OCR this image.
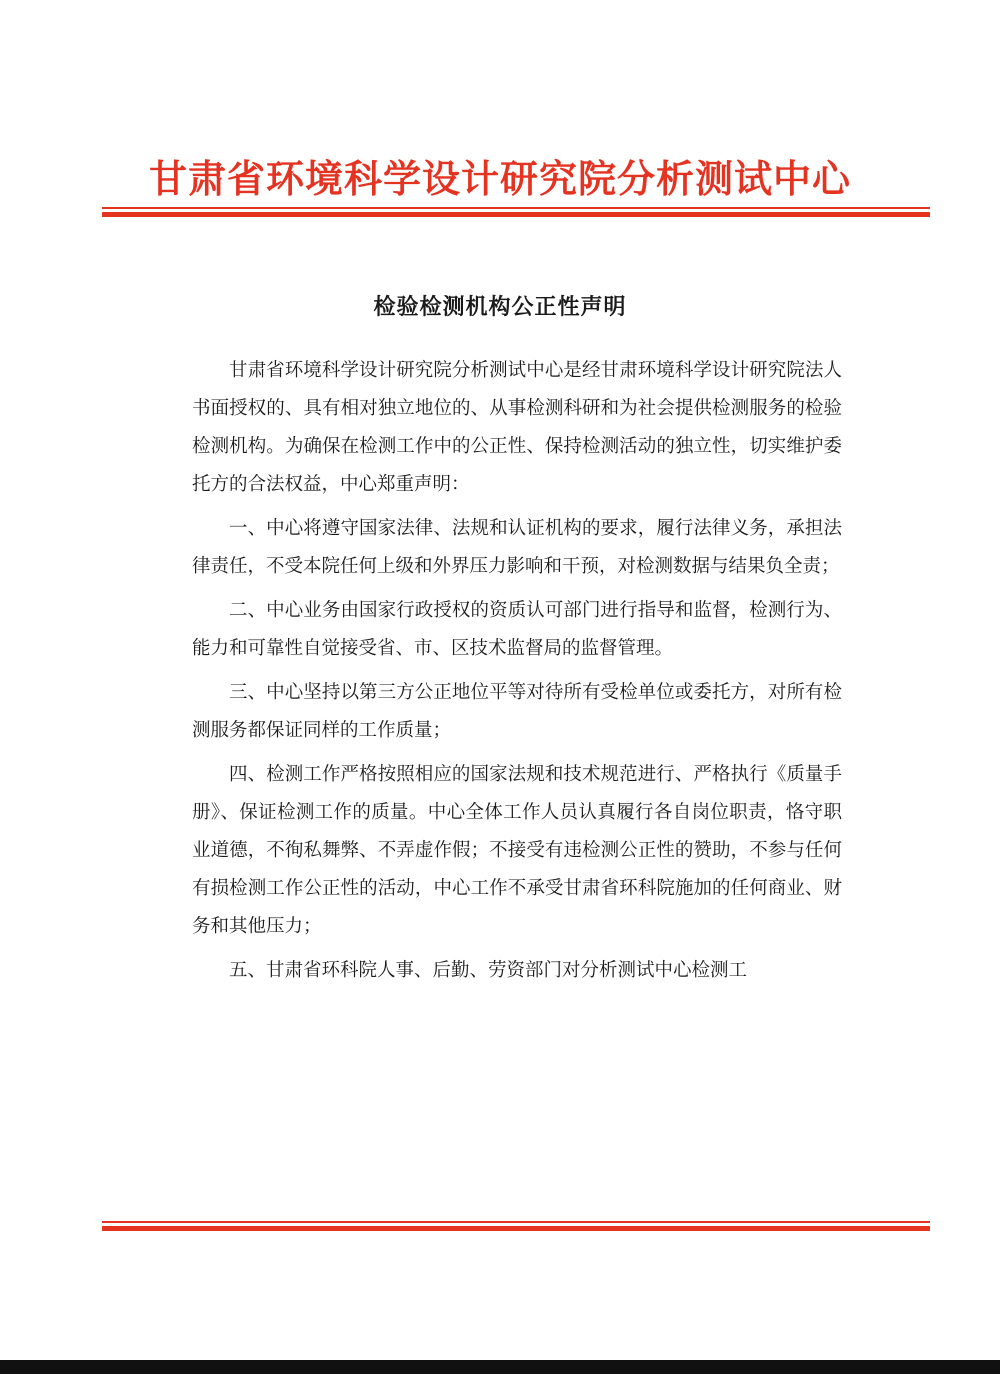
甘肃省环境科学设计研究院分析测试中心
检验检测机构公正性声明

甘肃省环境科学设计研究院分析测试中心是经甘肃环境科学设计研究院法人书面授权的、具有相对独立地位的、从事检测科研和为社会提供检测服务的检验检测机构。为确保在检测工作中的公正性、保持检测活动的独立性，切实维护委托方的合法权益，中心郑重声明：

一、中心将遵守国家法律、法规和认证机构的要求，履行法律义务，承担法律责任，不受本院任何上级和外界压力影响和干预，对检测数据与结果负全责；

二、中心业务由国家行政授权的资质认可部门进行指导和监督，检测行为、能力和可靠性自觉接受省、市、区技术监督局的监督管理。

三、中心坚持以第三方公正地位平等对待所有受检单位或委托方，对所有检测服务都保证同样的工作质量；

四、检测工作严格按照相应的国家法规和技术规范进行、严格执行《质量手册》、保证检测工作的质量。中心全体工作人员认真履行各自岗位职责，恪守职业道德，不徇私舞弊、不弄虚作假；不接受有违检测公正性的赞助，不参与任何有损检测工作公正性的活动，中心工作不承受甘肃省环科院施加的任何商业、财务和其他压力；

五、甘肃省环科院人事、后勤、劳资部门对分析测试中心检测工
